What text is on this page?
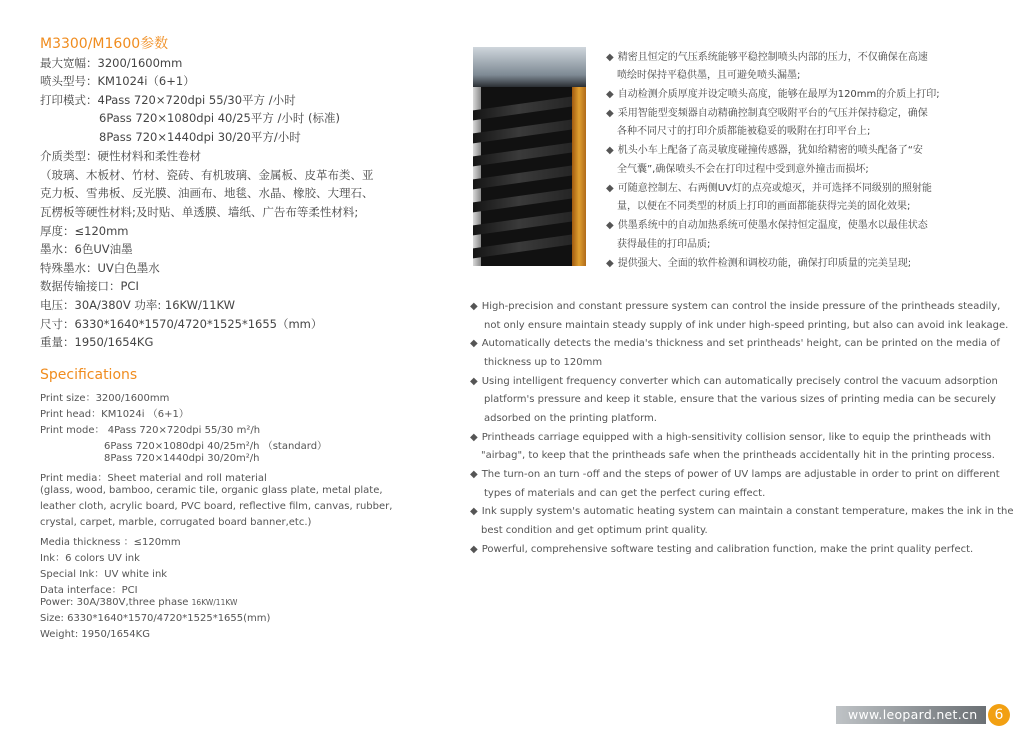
M3300/M1600参数
最大宽幅：3200/1600mm
喷头型号：KM1024i（6+1）
打印模式：4Pass 720×720dpi 55/30平方 /小时
6Pass 720×1080dpi 40/25平方 /小时 (标准)
8Pass 720×1440dpi 30/20平方/小时
介质类型：硬性材料和柔性卷材
（玻璃、木板材、竹材、瓷砖、有机玻璃、金属板、皮革布类、亚
克力板、雪弗板、反光膜、油画布、地毯、水晶、橡胶、大理石、
瓦楞板等硬性材料;及时贴、单透膜、墙纸、广告布等柔性材料;
厚度：≤120mm
墨水：6色UV油墨
特殊墨水：UV白色墨水
数据传输接口：PCI
电压：30A/380V 功率: 16KW/11KW
尺寸：6330*1640*1570/4720*1525*1655（mm）
重量：1950/1654KG
Specifications
Print size：3200/1600mm
Print head：KM1024i （6+1）
Print mode： 4Pass 720×720dpi 55/30 m²/h
6Pass 720×1080dpi 40/25m²/h （standard）
8Pass 720×1440dpi 30/20m²/h
Print media：Sheet material and roll material
(glass, wood, bamboo, ceramic tile, organic glass plate, metal plate,
leather cloth, acrylic board, PVC board, reflective film, canvas, rubber,
crystal, carpet, marble, corrugated board banner,etc.)
Media thickness ：≤120mm
Ink：6 colors UV ink
Special Ink：UV white ink
Data interface：PCI
Power: 30A/380V,three phase 16KW/11KW
Size: 6330*1640*1570/4720*1525*1655(mm)
Weight: 1950/1654KG
◆ 精密且恒定的气压系统能够平稳控制喷头内部的压力，不仅确保在高速
喷绘时保持平稳供墨，且可避免喷头漏墨;
◆ 自动检测介质厚度并设定喷头高度，能够在最厚为120mm的介质上打印;
◆ 采用智能型变频器自动精确控制真空吸附平台的气压并保持稳定，确保
各种不同尺寸的打印介质都能被稳妥的吸附在打印平台上;
◆ 机头小车上配备了高灵敏度碰撞传感器，犹如给精密的喷头配备了“安
全气囊”,确保喷头不会在打印过程中受到意外撞击而损坏;
◆ 可随意控制左、右两侧UV灯的点亮或熄灭，并可选择不同级别的照射能
量，以便在不同类型的材质上打印的画面都能获得完美的固化效果;
◆ 供墨系统中的自动加热系统可使墨水保持恒定温度，使墨水以最佳状态
获得最佳的打印品质;
◆ 提供强大、全面的软件检测和调校功能，确保打印质量的完美呈现;
◆ High-precision and constant pressure system can control the inside pressure of the printheads steadily,
not only ensure maintain steady supply of ink under high-speed printing, but also can avoid ink leakage.
◆ Automatically detects the media's thickness and set printheads' height, can be printed on the media of
thickness up to 120mm
◆ Using intelligent frequency converter which can automatically precisely control the vacuum adsorption
platform's pressure and keep it stable, ensure that the various sizes of printing media can be securely
adsorbed on the printing platform.
◆ Printheads carriage equipped with a high-sensitivity collision sensor, like to equip the printheads with
"airbag", to keep that the printheads safe when the printheads accidentally hit in the printing process.
◆ The turn-on an turn -off and the steps of power of UV lamps are adjustable in order to print on different
types of materials and can get the perfect curing effect.
◆ Ink supply system's automatic heating system can maintain a constant temperature, makes the ink in the
best condition and get optimum print quality.
◆ Powerful, comprehensive software testing and calibration function, make the print quality perfect.
www.leopard.net.cn	6
